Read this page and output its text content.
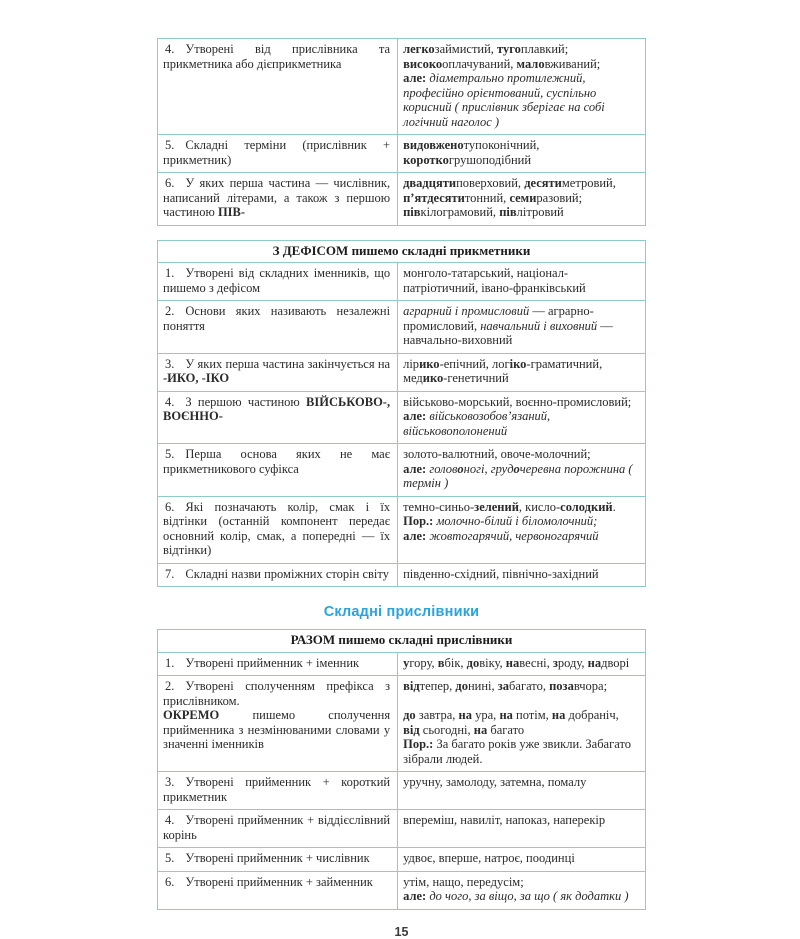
4. Утворені від прислівника та прикметника або дієприкметника	легкозаймистий, тугоплавкий;
високооплачуваний, маловживаний;
але: діаметрально протилежний, професійно орієнтований, суспільно корисний ( прислівник зберігає на собі логічний наголос )
5. Складні терміни (прислівник + прикметник)	видовженотупоконічний,
короткогрушоподібний
6. У яких перша частина — числівник, написаний літерами, а також з першою частиною ПІВ-	двадцятиповерховий, десятиметровий,
п’ятдесятитонний, семиразовий;
півкілограмовий, півлітровий
З ДЕФІСОМ пишемо складні прикметники	
1. Утворені від складних іменників, що пишемо з дефісом	монголо-татарський, націонал-патріотичний, івано-франківський
2. Основи яких називають незалежні поняття	аграрний і промисловий — аграрно-промисловий, навчальний і виховний — навчально-виховний
3. У яких перша частина закінчується на -ИКО, -ІКО	лірико-епічний, логіко-граматичний, медико-генетичний
4. З першою частиною ВІЙСЬКОВО-, ВОЄННО-	військово-морський, воєнно-промисловий;
але: військовозобов’язаний, військовополонений
5. Перша основа яких не має прикметникового суфікса	золото-валютний, овоче-молочний;
але: головоногі, грудочеревна порожнина ( термін )
6. Які позначають колір, смак і їх відтінки (останній компонент передає основний колір, смак, а попередні — їх відтінки)	темно-синьо-зелений, кисло-солодкий.
Пор.: молочно-білий і біломолочний;
але: жовтогарячий, червоногарячий
7. Складні назви проміжних сторін світу	південно-східний, північно-західний
Складні прислівники
РАЗОМ пишемо складні прислівники	
1. Утворені прийменник + іменник	угору, вбік, довіку, навесні, зроду, надворі
2. Утворені сполученням префікса з прислівником.
ОКРЕМО пишемо сполучення прийменника з незмінюваними словами у значенні іменників	відтепер, донині, забагато, позавчора;

до завтра, на ура, на потім, на добраніч, від сьогодні, на багато
Пор.: За багато років уже звикли. Забагато зібрали людей.
3. Утворені прийменник + короткий прикметник	уручну, замолоду, затемна, помалу
4. Утворені прийменник + віддієслівний корінь	впереміш, навиліт, напоказ, наперекір
5. Утворені прийменник + числівник	удвоє, вперше, натроє, поодинці
6. Утворені прийменник + займенник	утім, нащо, передусім;
але: до чого, за віщо, за що ( як додатки )
15
